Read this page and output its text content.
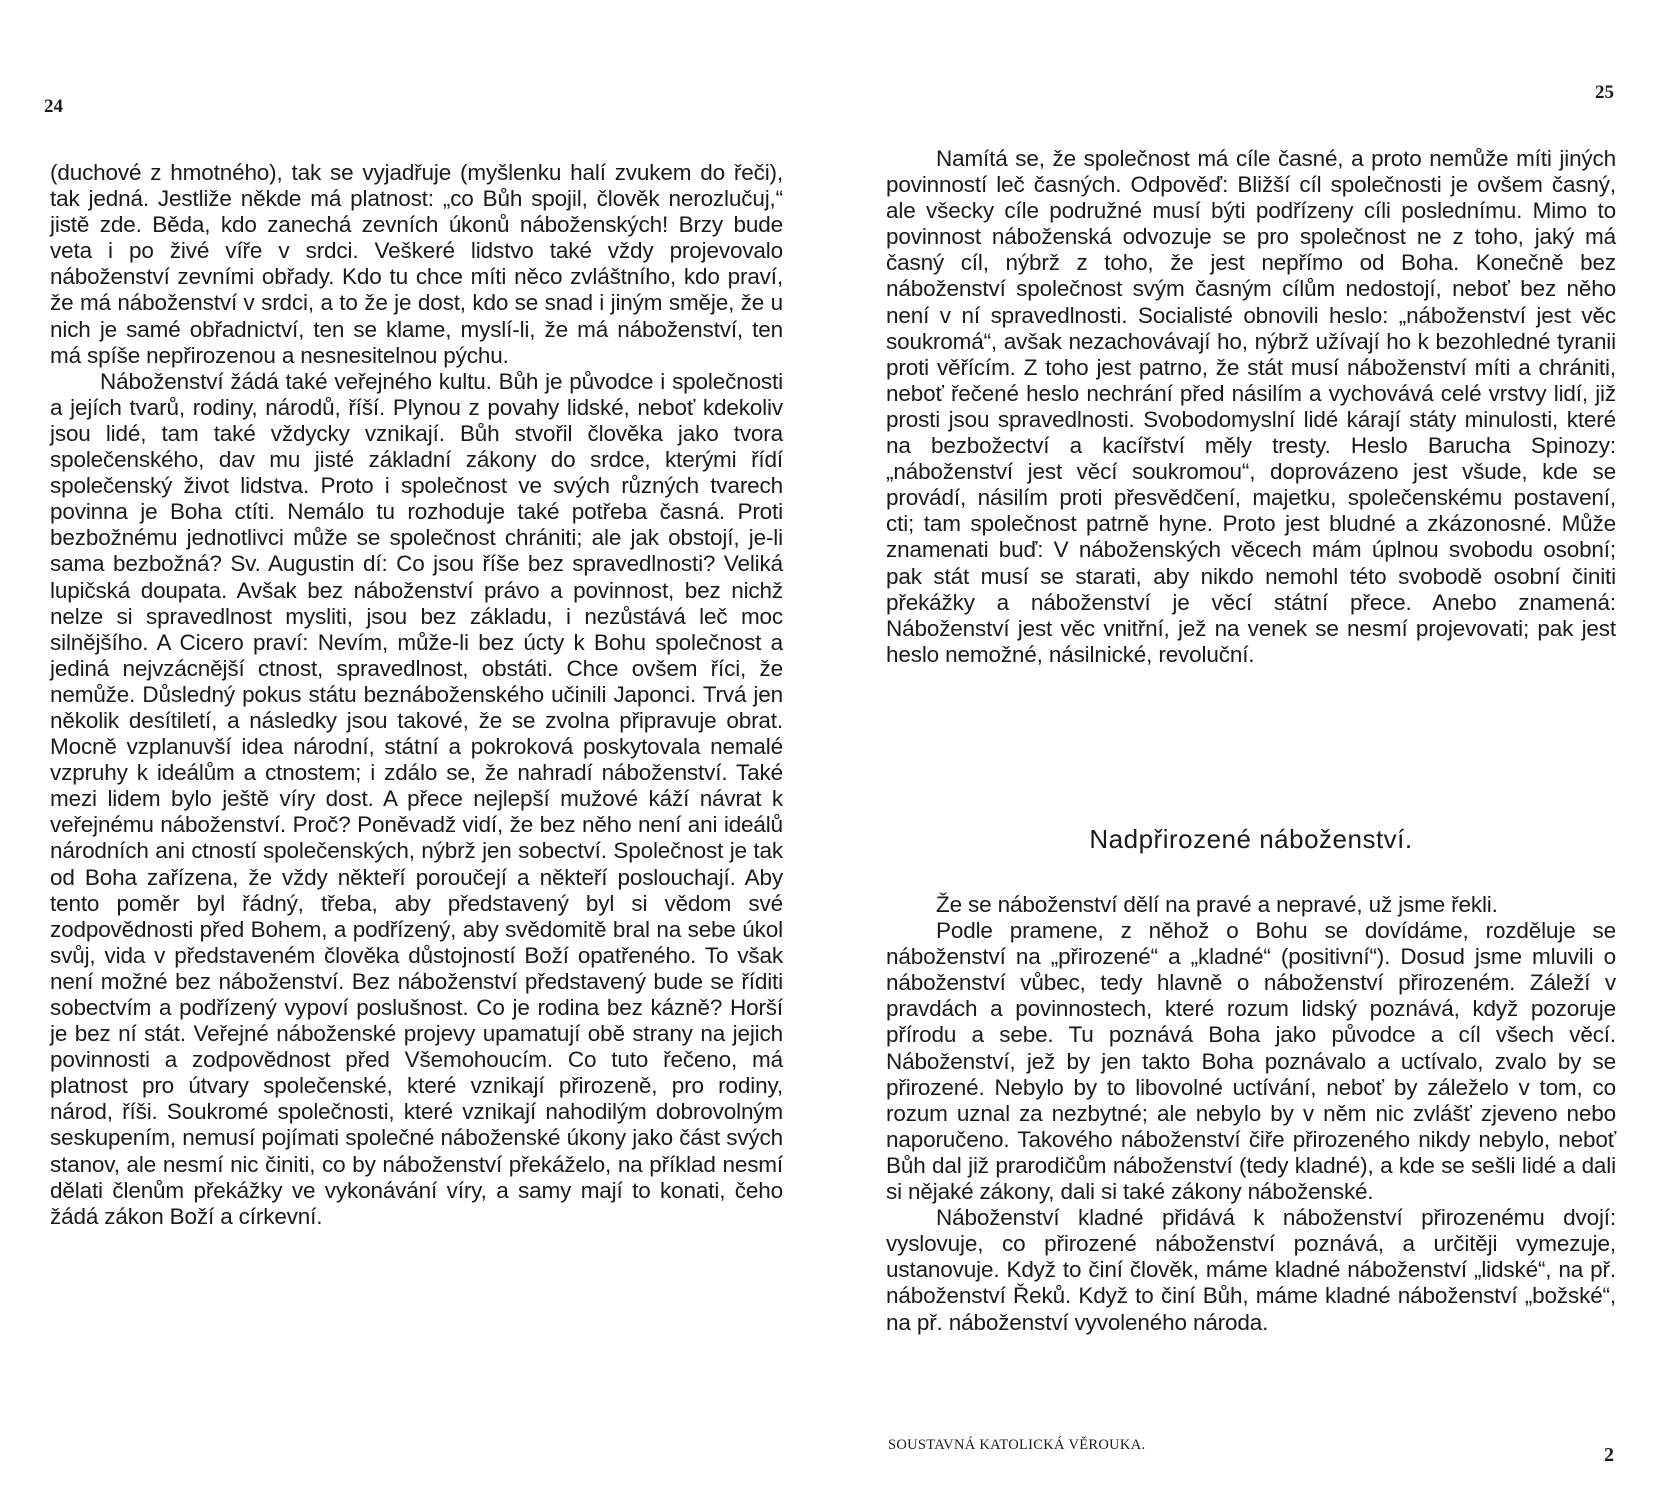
24

(duchové z hmotného), tak se vyjadřuje (myšlenku halí zvukem do řeči), tak jedná. Jestliže někde má platnost: „co Bůh spojil, člověk nerozlučuj,“ jistě zde. Běda, kdo zanechá zevních úkonů náboženských! Brzy bude veta i po živé víře v srdci. Veškeré lidstvo také vždy projevovalo náboženství zevními obřady. Kdo tu chce míti něco zvláštního, kdo praví, že má náboženství v srdci, a to že je dost, kdo se snad i jiným směje, že u nich je samé obřadnictví, ten se klame, myslí-li, že má náboženství, ten má spíše nepřirozenou a nesnesitelnou pýchu.

Náboženství žádá také veřejného kultu. Bůh je původce i společnosti a jejích tvarů, rodiny, národů, říší. Plynou z povahy lidské, neboť kdekoliv jsou lidé, tam také vždycky vznikají. Bůh stvořil člověka jako tvora společenského, dav mu jisté základní zákony do srdce, kterými řídí společenský život lidstva. Proto i společnost ve svých různých tvarech povinna je Boha ctíti. Nemálo tu rozhoduje také potřeba časná. Proti bezbožnému jednotlivci může se společnost chrániti; ale jak obstojí, je-li sama bezbožná? Sv. Augustin dí: Co jsou říše bez spravedlnosti? Veliká lupičská doupata. Avšak bez náboženství právo a povinnost, bez nichž nelze si spravedlnost mysliti, jsou bez základu, i nezůstává leč moc silnějšího. A Cicero praví: Nevím, může-li bez úcty k Bohu společnost a jediná nejvzácnější ctnost, spravedlnost, obstáti. Chce ovšem říci, že nemůže. Důsledný pokus státu beznáboženského učinili Japonci. Trvá jen několik desítiletí, a následky jsou takové, že se zvolna připravuje obrat. Mocně vzplanuvší idea národní, státní a pokroková poskytovala nemalé vzpruhy k ideálům a ctnostem; i zdálo se, že nahradí náboženství. Také mezi lidem bylo ještě víry dost. A přece nejlepší mužové káží návrat k veřejnému náboženství. Proč? Poněvadž vidí, že bez něho není ani ideálů národních ani ctností společenských, nýbrž jen sobectví. Společnost je tak od Boha zařízena, že vždy někteří poroučejí a někteří poslouchají. Aby tento poměr byl řádný, třeba, aby představený byl si vědom své zodpovědnosti před Bohem, a podřízený, aby svědomitě bral na sebe úkol svůj, vida v představeném člověka důstojností Boží opatřeného. To však není možné bez náboženství. Bez náboženství představený bude se říditi sobectvím a podřízený vypoví poslušnost. Co je rodina bez kázně? Horší je bez ní stát. Veřejné náboženské projevy upamatují obě strany na jejich povinnosti a zodpovědnost před Všemohoucím. Co tuto řečeno, má platnost pro útvary společenské, které vznikají přirozeně, pro rodiny, národ, říši. Soukromé společnosti, které vznikají nahodilým dobrovolným seskupením, nemusí pojímati společné náboženské úkony jako část svých stanov, ale nesmí nic činiti, co by náboženství překáželo, na příklad nesmí dělati členům překážky ve vykonávání víry, a samy mají to konati, čeho žádá zákon Boží a církevní.

25

Namítá se, že společnost má cíle časné, a proto nemůže míti jiných povinností leč časných. Odpověď: Bližší cíl společnosti je ovšem časný, ale všecky cíle podružné musí býti podřízeny cíli poslednímu. Mimo to povinnost náboženská odvozuje se pro společnost ne z toho, jaký má časný cíl, nýbrž z toho, že jest nepřímo od Boha. Konečně bez náboženství společnost svým časným cílům nedostojí, neboť bez něho není v ní spravedlnosti. Socialisté obnovili heslo: „náboženství jest věc soukromá“, avšak nezachovávají ho, nýbrž užívají ho k bezohledné tyranii proti věřícím. Z toho jest patrno, že stát musí náboženství míti a chrániti, neboť řečené heslo nechrání před násilím a vychovává celé vrstvy lidí, již prosti jsou spravedlnosti. Svobodomyslní lidé kárají státy minulosti, které na bezbožectví a kacířství měly tresty. Heslo Barucha Spinozy: „náboženství jest věcí soukromou“, doprovázeno jest všude, kde se provádí, násilím proti přesvědčení, majetku, společenskému postavení, cti; tam společnost patrně hyne. Proto jest bludné a zkázonosné. Může znamenati buď: V náboženských věcech mám úplnou svobodu osobní; pak stát musí se starati, aby nikdo nemohl této svobodě osobní činiti překážky a náboženství je věcí státní přece. Anebo znamená: Náboženství jest věc vnitřní, jež na venek se nesmí projevovati; pak jest heslo nemožné, násilnické, revoluční.

Nadpřirozené náboženství.

Že se náboženství dělí na pravé a nepravé, už jsme řekli.

Podle pramene, z něhož o Bohu se dovídáme, rozděluje se náboženství na „přirozené“ a „kladné“ (positivní“). Dosud jsme mluvili o náboženství vůbec, tedy hlavně o náboženství přirozeném. Záleží v pravdách a povinnostech, které rozum lidský poznává, když pozoruje přírodu a sebe. Tu poznává Boha jako původce a cíl všech věcí. Náboženství, jež by jen takto Boha poznávalo a uctívalo, zvalo by se přirozené. Nebylo by to libovolné uctívání, neboť by záleželo v tom, co rozum uznal za nezbytné; ale nebylo by v něm nic zvlášť zjeveno nebo naporučeno. Takového náboženství čiře přirozeného nikdy nebylo, neboť Bůh dal již prarodičům náboženství (tedy kladné), a kde se sešli lidé a dali si nějaké zákony, dali si také zákony náboženské.

Náboženství kladné přidává k náboženství přirozenému dvojí: vyslovuje, co přirozené náboženství poznává, a určitěji vymezuje, ustanovuje. Když to činí člověk, máme kladné náboženství „lidské“, na př. náboženství Řeků. Když to činí Bůh, máme kladné náboženství „božské“, na př. náboženství vyvoleného národa.

SOUSTAVNÁ KATOLICKÁ VĚROUKA.	2
